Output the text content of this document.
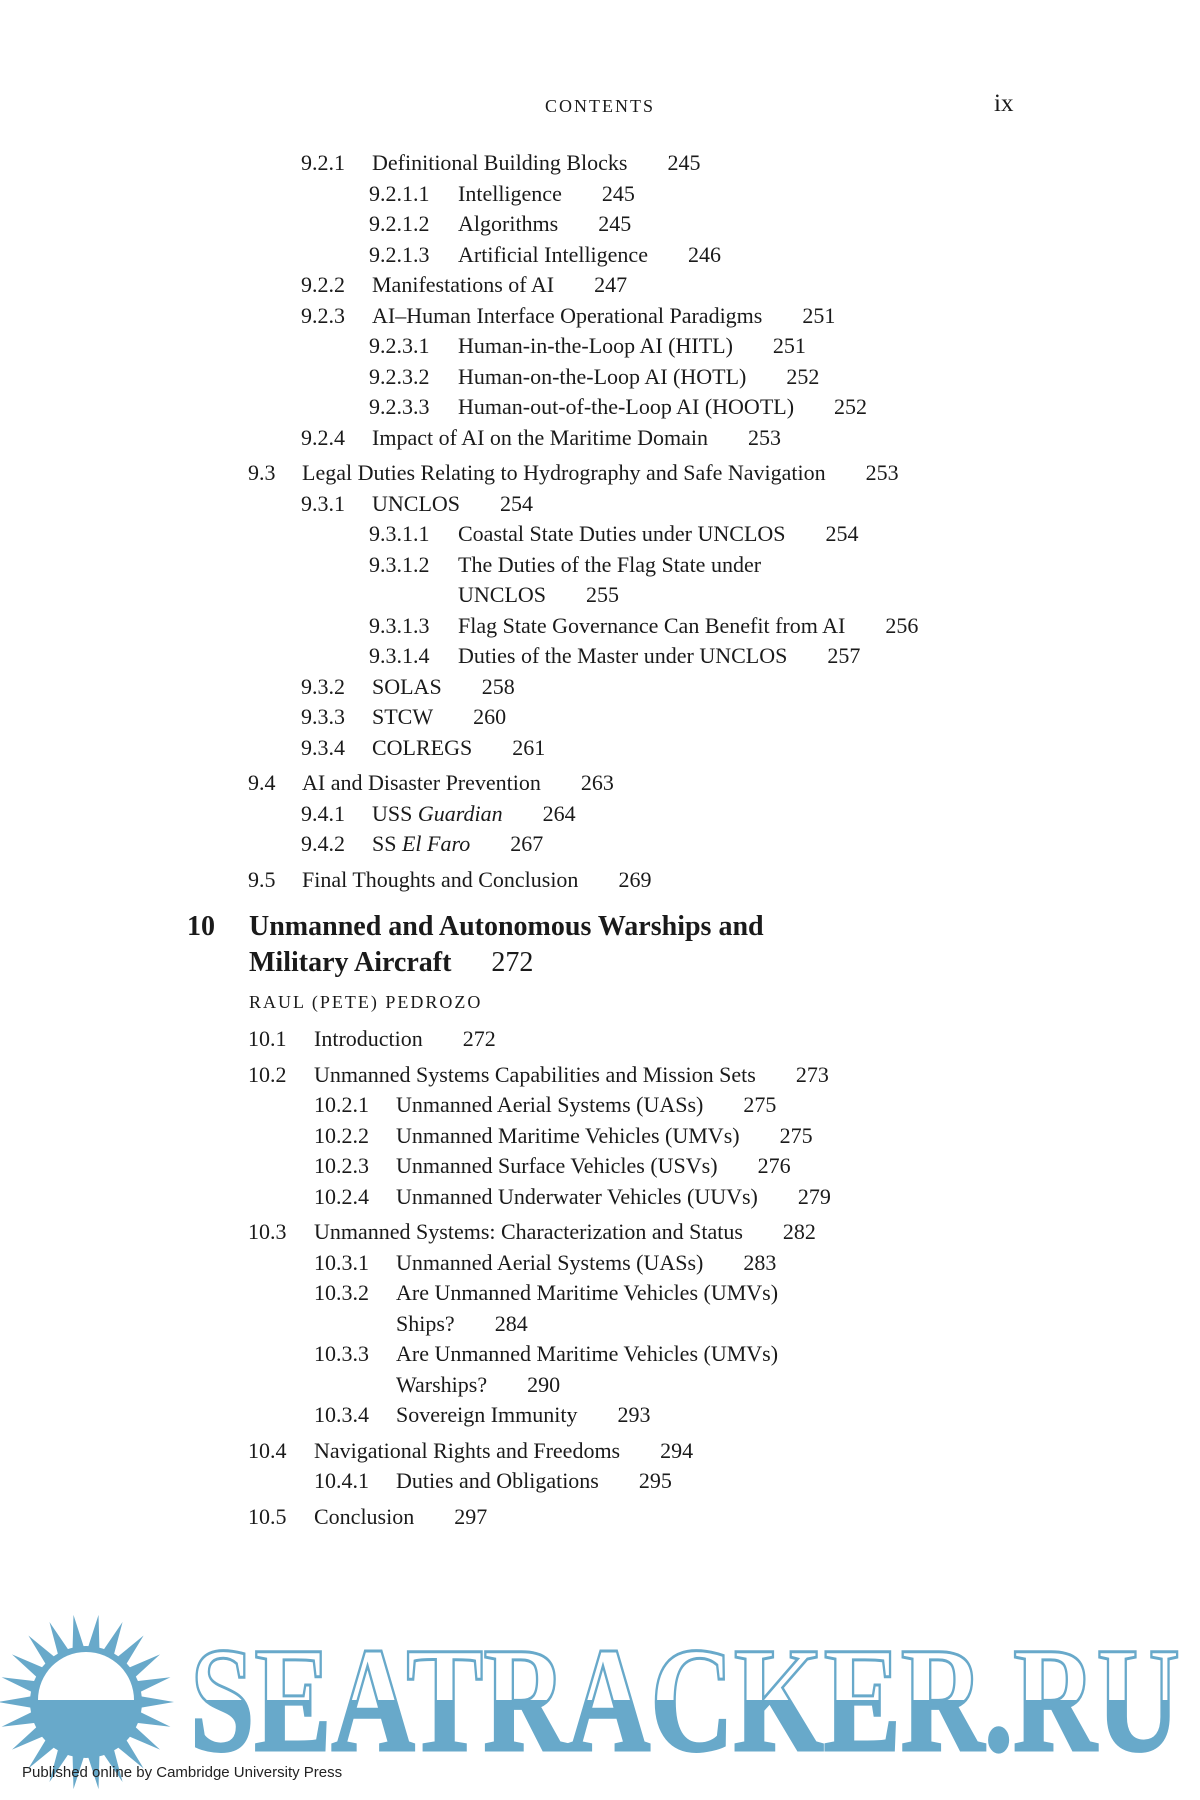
CONTENTS	ix
9.2.1 Definitional Building Blocks 245
9.2.1.1 Intelligence 245
9.2.1.2 Algorithms 245
9.2.1.3 Artificial Intelligence 246
9.2.2 Manifestations of AI 247
9.2.3 AI–Human Interface Operational Paradigms 251
9.2.3.1 Human-in-the-Loop AI (HITL) 251
9.2.3.2 Human-on-the-Loop AI (HOTL) 252
9.2.3.3 Human-out-of-the-Loop AI (HOOTL) 252
9.2.4 Impact of AI on the Maritime Domain 253
9.3 Legal Duties Relating to Hydrography and Safe Navigation 253
9.3.1 UNCLOS 254
9.3.1.1 Coastal State Duties under UNCLOS 254
9.3.1.2 The Duties of the Flag State under
UNCLOS 255
9.3.1.3 Flag State Governance Can Benefit from AI 256
9.3.1.4 Duties of the Master under UNCLOS 257
9.3.2 SOLAS 258
9.3.3 STCW 260
9.3.4 COLREGS 261
9.4 AI and Disaster Prevention 263
9.4.1 USS Guardian 264
9.4.2 SS El Faro 267
9.5 Final Thoughts and Conclusion 269
10 Unmanned and Autonomous Warships and
Military Aircraft 272
RAUL (PETE) PEDROZO
10.1 Introduction 272
10.2 Unmanned Systems Capabilities and Mission Sets 273
10.2.1 Unmanned Aerial Systems (UASs) 275
10.2.2 Unmanned Maritime Vehicles (UMVs) 275
10.2.3 Unmanned Surface Vehicles (USVs) 276
10.2.4 Unmanned Underwater Vehicles (UUVs) 279
10.3 Unmanned Systems: Characterization and Status 282
10.3.1 Unmanned Aerial Systems (UASs) 283
10.3.2 Are Unmanned Maritime Vehicles (UMVs)
Ships? 284
10.3.3 Are Unmanned Maritime Vehicles (UMVs)
Warships? 290
10.3.4 Sovereign Immunity 293
10.4 Navigational Rights and Freedoms 294
10.4.1 Duties and Obligations 295
10.5 Conclusion 297
SEATRACKER.RU
Published online by Cambridge University Press
